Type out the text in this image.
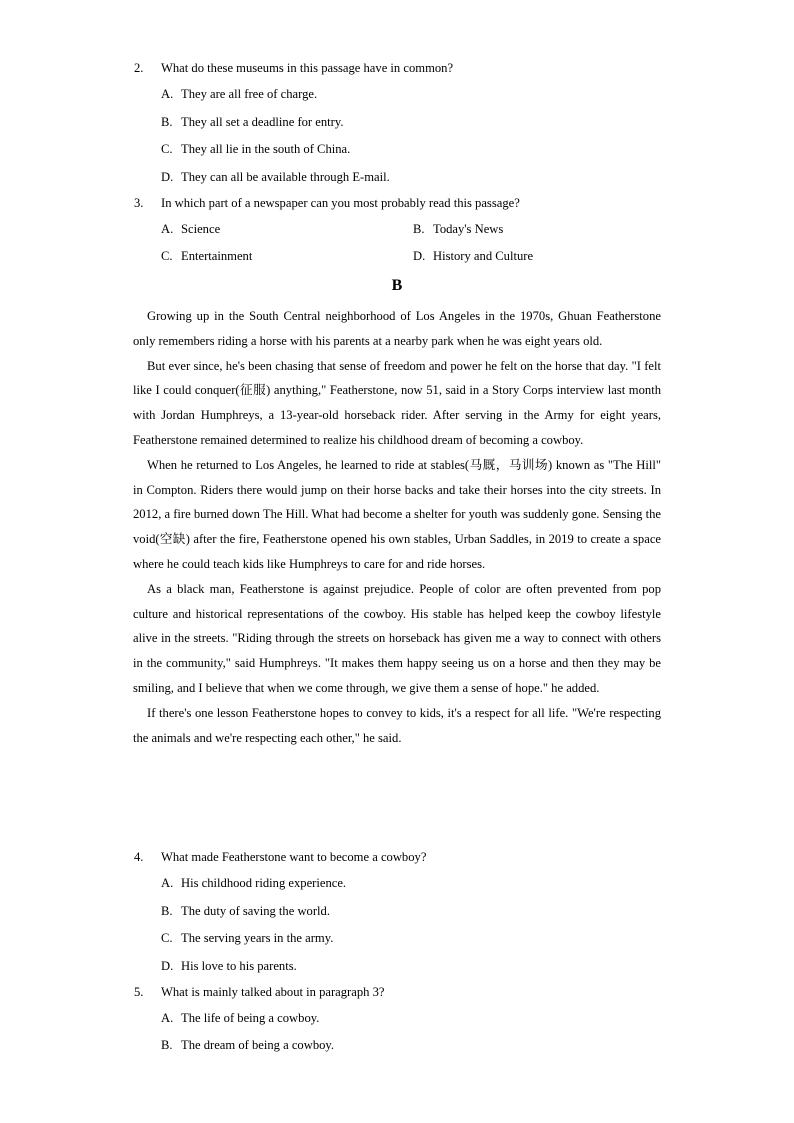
2. What do these museums in this passage have in common?
A. They are all free of charge.
B. They all set a deadline for entry.
C. They all lie in the south of China.
D. They can all be available through E-mail.
3. In which part of a newspaper can you most probably read this passage?
A. Science	B. Today's News
C. Entertainment	D. History and Culture
B

Growing up in the South Central neighborhood of Los Angeles in the 1970s, Ghuan Featherstone only remembers riding a horse with his parents at a nearby park when he was eight years old.

But ever since, he's been chasing that sense of freedom and power he felt on the horse that day. "I felt like I could conquer(征服) anything," Featherstone, now 51, said in a Story Corps interview last month with Jordan Humphreys, a 13-year-old horseback rider. After serving in the Army for eight years, Featherstone remained determined to realize his childhood dream of becoming a cowboy.

When he returned to Los Angeles, he learned to ride at stables(马厩，马训场) known as "The Hill" in Compton. Riders there would jump on their horse backs and take their horses into the city streets. In 2012, a fire burned down The Hill. What had become a shelter for youth was suddenly gone. Sensing the void(空缺) after the fire, Featherstone opened his own stables, Urban Saddles, in 2019 to create a space where he could teach kids like Humphreys to care for and ride horses.

As a black man, Featherstone is against prejudice. People of color are often prevented from pop culture and historical representations of the cowboy. His stable has helped keep the cowboy lifestyle alive in the streets. "Riding through the streets on horseback has given me a way to connect with others in the community," said Humphreys. "It makes them happy seeing us on a horse and then they may be smiling, and I believe that when we come through, we give them a sense of hope." he added.

If there's one lesson Featherstone hopes to convey to kids, it's a respect for all life. "We're respecting the animals and we're respecting each other," he said.

4. What made Featherstone want to become a cowboy?
A. His childhood riding experience.
B. The duty of saving the world.
C. The serving years in the army.
D. His love to his parents.
5. What is mainly talked about in paragraph 3?
A. The life of being a cowboy.
B. The dream of being a cowboy.
